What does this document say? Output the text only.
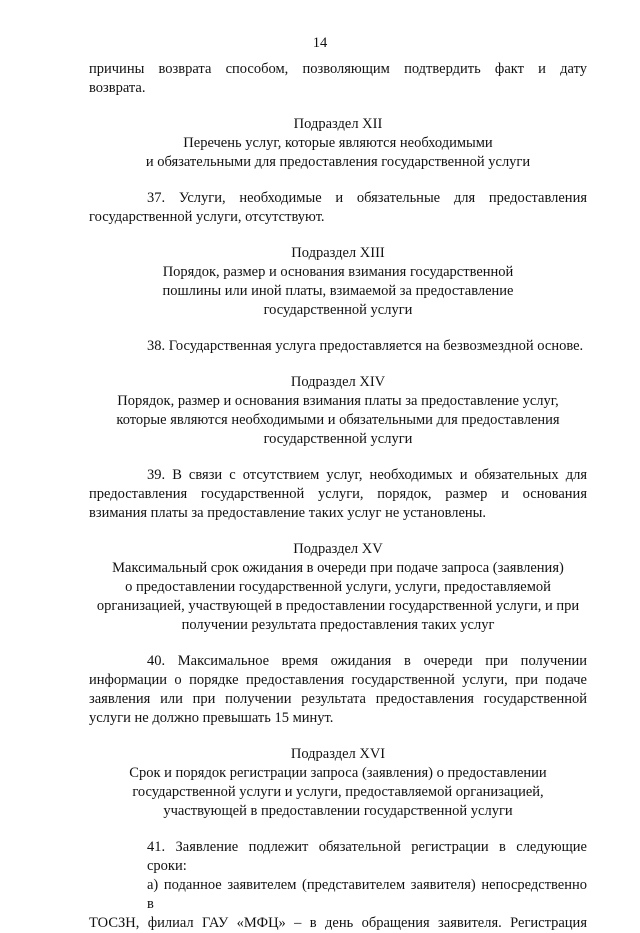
14

причины возврата способом, позволяющим подтвердить факт и дату
возврата.

Подраздел XII

Перечень услуг, которые являются необходимыми
и обязательными для предоставления государственной услуги

37. Услуги, необходимые и обязательные для предоставления
государственной услуги, отсутствуют.

Подраздел XIII

Порядок, размер и основания взимания государственной
пошлины или иной платы, взимаемой за предоставление
государственной услуги

38. Государственная услуга предоставляется на безвозмездной основе.

Подраздел XIV

Порядок, размер и основания взимания платы за предоставление услуг,
которые являются необходимыми и обязательными для предоставления
государственной услуги

39. В связи с отсутствием услуг, необходимых и обязательных для
предоставления государственной услуги, порядок, размер и основания
взимания платы за предоставление таких услуг не установлены.

Подраздел XV

Максимальный срок ожидания в очереди при подаче запроса (заявления)
о предоставлении государственной услуги, услуги, предоставляемой
организацией, участвующей в предоставлении государственной услуги, и при
получении результата предоставления таких услуг

40. Максимальное время ожидания в очереди при получении
информации о порядке предоставления государственной услуги, при подаче
заявления или при получении результата предоставления государственной
услуги не должно превышать 15 минут.

Подраздел XVI

Срок и порядок регистрации запроса (заявления) о предоставлении
государственной услуги и услуги, предоставляемой организацией,
участвующей в предоставлении государственной услуги

41. Заявление подлежит обязательной регистрации в следующие сроки:
а) поданное заявителем (представителем заявителя) непосредственно в
ТОСЗН, филиал ГАУ «МФЦ» – в день обращения заявителя. Регистрация
